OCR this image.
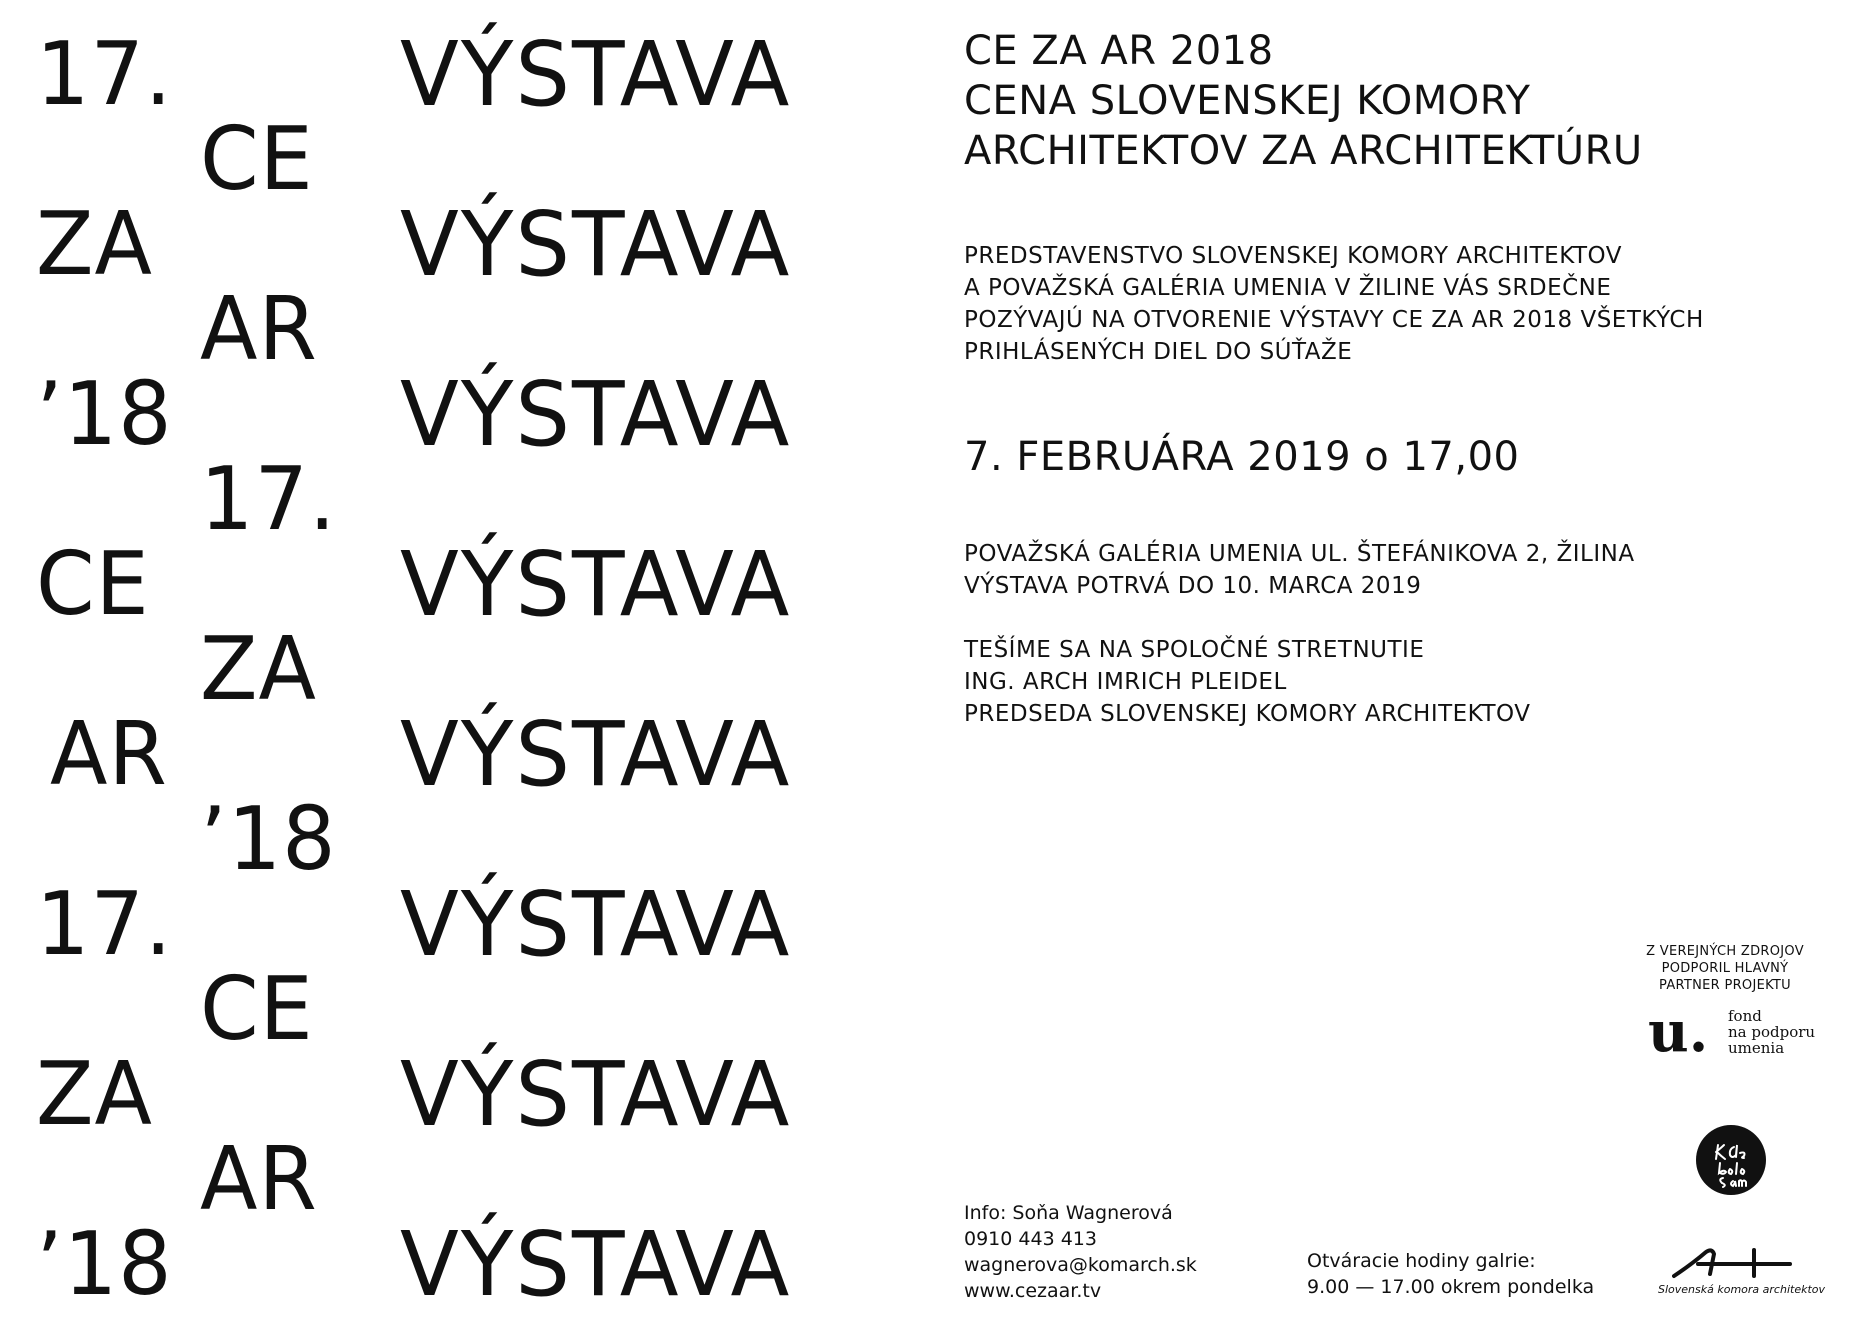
17.
CE
ZA
AR
’18
17.
CE
ZA
AR
’18
17.
CE
ZA
AR
’18
VÝSTAVA
VÝSTAVA
VÝSTAVA
VÝSTAVA
VÝSTAVA
VÝSTAVA
VÝSTAVA
VÝSTAVA
CE ZA AR 2018
CENA SLOVENSKEJ KOMORY
ARCHITEKTOV ZA ARCHITEKTÚRU
PREDSTAVENSTVO SLOVENSKEJ KOMORY ARCHITEKTOV
A POVAŽSKÁ GALÉRIA UMENIA V ŽILINE VÁS SRDEČNE
POZÝVAJÚ NA OTVORENIE VÝSTAVY CE ZA AR 2018 VŠETKÝCH
PRIHLÁSENÝCH DIEL DO SÚŤAŽE
7. FEBRUÁRA 2019 o 17,00
POVAŽSKÁ GALÉRIA UMENIA UL. ŠTEFÁNIKOVA 2, ŽILINA
VÝSTAVA POTRVÁ DO 10. MARCA 2019
TEŠÍME SA NA SPOLOČNÉ STRETNUTIE
ING. ARCH IMRICH PLEIDEL
PREDSEDA SLOVENSKEJ KOMORY ARCHITEKTOV
Info: Soňa Wagnerová
0910 443 413
wagnerova@komarch.sk
www.cezaar.tv
Otváracie hodiny galrie:
9.00 — 17.00 okrem pondelka
Z VEREJNÝCH ZDROJOV
PODPORIL HLAVNÝ
PARTNER PROJEKTU
u. fond
na podporu
umenia
Slovenská komora architektov
